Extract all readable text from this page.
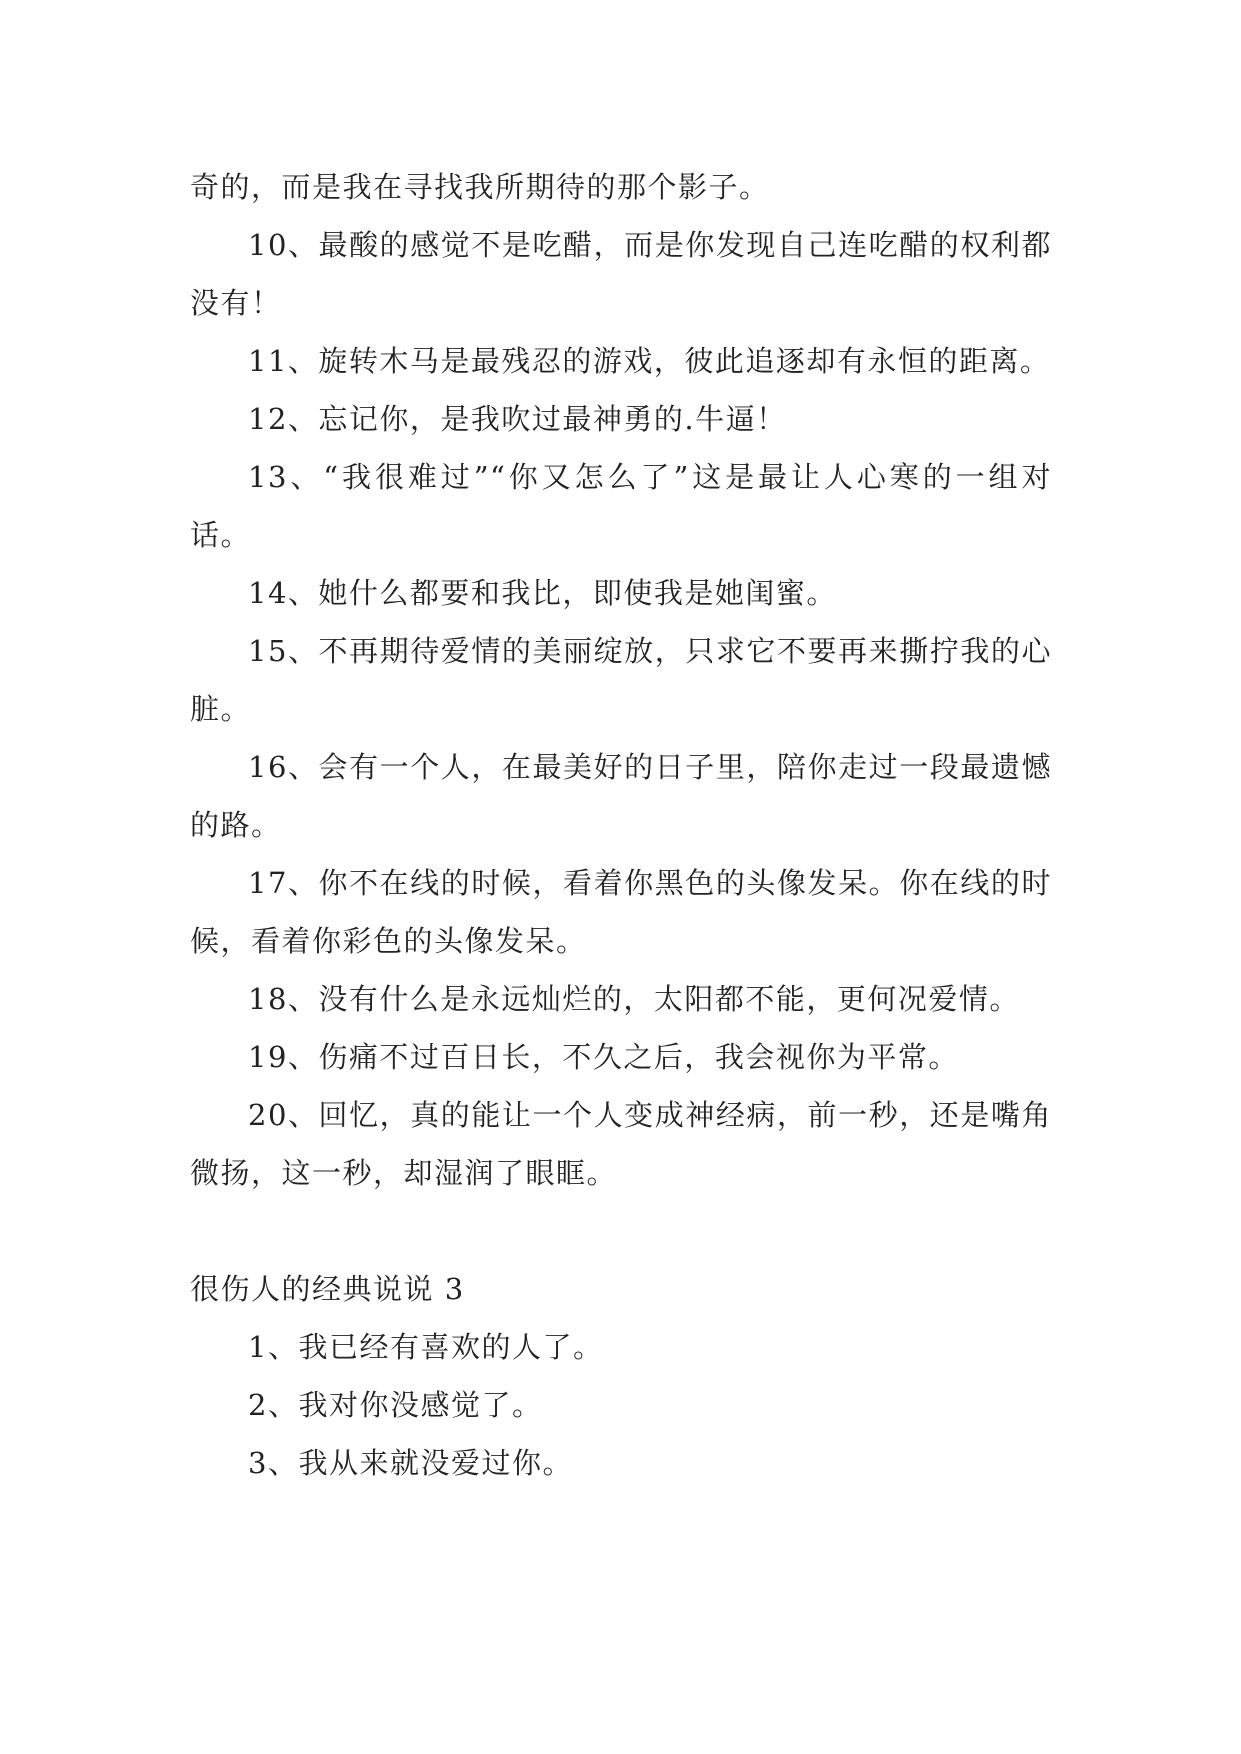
奇的，而是我在寻找我所期待的那个影子。

10、最酸的感觉不是吃醋，而是你发现自己连吃醋的权利都没有！

11、旋转木马是最残忍的游戏，彼此追逐却有永恒的距离。

12、忘记你，是我吹过最神勇的.牛逼！

13、“我很难过”“你又怎么了”这是最让人心寒的一组对话。

14、她什么都要和我比，即使我是她闺蜜。

15、不再期待爱情的美丽绽放，只求它不要再来撕拧我的心脏。

16、会有一个人，在最美好的日子里，陪你走过一段最遗憾的路。

17、你不在线的时候，看着你黑色的头像发呆。你在线的时候，看着你彩色的头像发呆。

18、没有什么是永远灿烂的，太阳都不能，更何况爱情。

19、伤痛不过百日长，不久之后，我会视你为平常。

20、回忆，真的能让一个人变成神经病，前一秒，还是嘴角微扬，这一秒，却湿润了眼眶。

很伤人的经典说说 3

1、我已经有喜欢的人了。

2、我对你没感觉了。

3、我从来就没爱过你。
